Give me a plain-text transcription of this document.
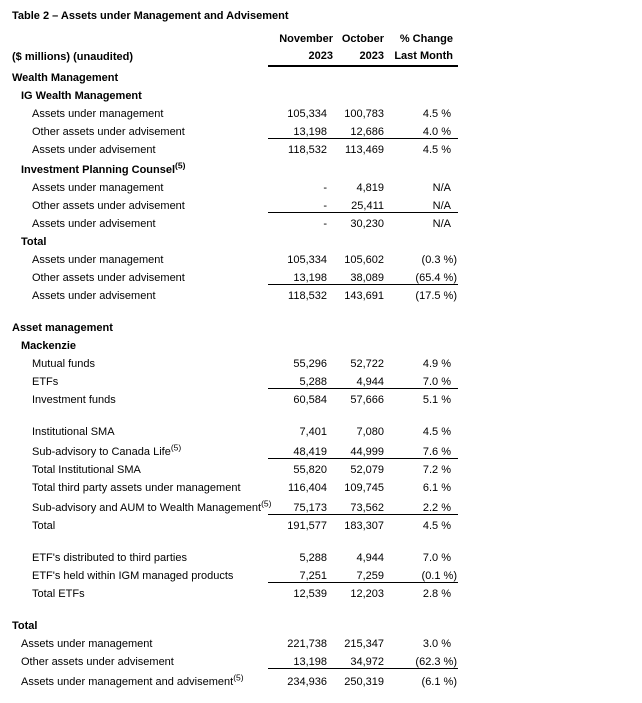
Table 2 – Assets under Management and Advisement
	November	October	% Change
($ millions) (unaudited)	2023	2023	Last Month
Wealth Management			
IG Wealth Management			
Assets under management	105,334	100,783	4.5 %
Other assets under advisement	13,198	12,686	4.0 %
Assets under advisement	118,532	113,469	4.5 %
Investment Planning Counsel$^{(5)}$
Assets under management	-	4,819	N/A
Other assets under advisement	-	25,411	N/A
Assets under advisement	-	30,230	N/A
Total			
Assets under management	105,334	105,602	(0.3 %)
Other assets under advisement	13,198	38,089	(65.4 %)
Assets under advisement	118,532	143,691	(17.5 %)

Asset management			
Mackenzie			
Mutual funds	55,296	52,722	4.9 %
ETFs	5,288	4,944	7.0 %
Investment funds	60,584	57,666	5.1 %

Institutional SMA	7,401	7,080	4.5 %
Sub-advisory to Canada Life$^{(5)}$	48,419	44,999	7.6 %
Total Institutional SMA	55,820	52,079	7.2 %
Total third party assets under management	116,404	109,745	6.1 %
Sub-advisory and AUM to Wealth Management$^{(5)}$	75,173	73,562	2.2 %
Total	191,577	183,307	4.5 %

ETF's distributed to third parties	5,288	4,944	7.0 %
ETF's held within IGM managed products	7,251	7,259	(0.1 %)
Total ETFs	12,539	12,203	2.8 %

Total			
Assets under management	221,738	215,347	3.0 %
Other assets under advisement	13,198	34,972	(62.3 %)
Assets under management and advisement$^{(5)}$	234,936	250,319	(6.1 %)
